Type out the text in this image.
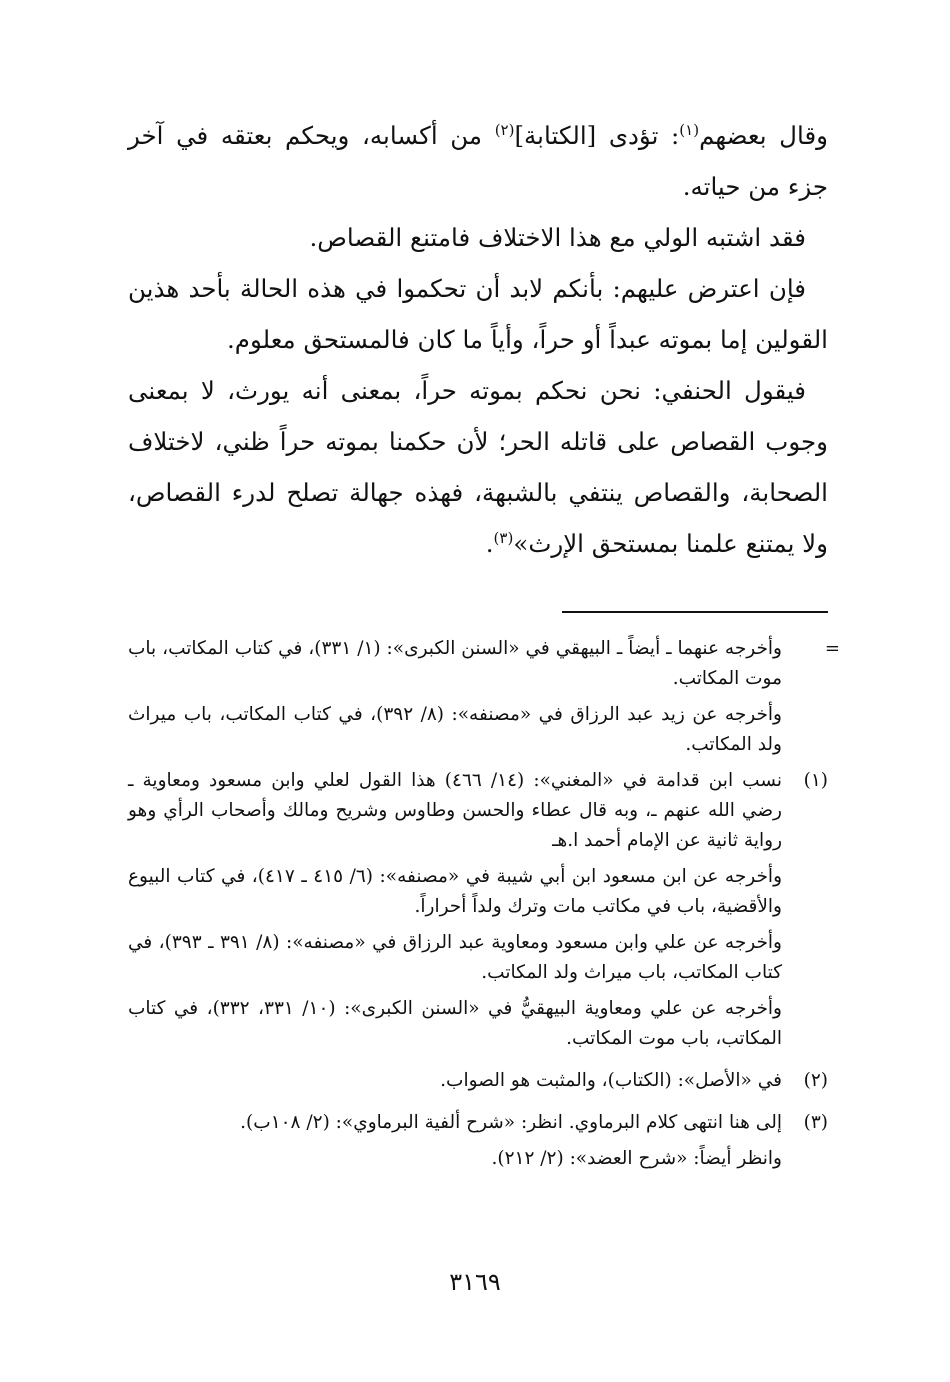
وقال بعضهم$^{(١)}$: تؤدى [الكتابة]$^{(٢)}$ من أكسابه، ويحكم بعتقه في آخر جزء من حياته.

فقد اشتبه الولي مع هذا الاختلاف فامتنع القصاص.

فإن اعترض عليهم: بأنكم لابد أن تحكموا في هذه الحالة بأحد هذين القولين إما بموته عبداً أو حراً، وأياً ما كان فالمستحق معلوم.

فيقول الحنفي: نحن نحكم بموته حراً، بمعنى أنه يورث، لا بمعنى وجوب القصاص على قاتله الحر؛ لأن حكمنا بموته حراً ظني، لاختلاف الصحابة، والقصاص ينتفي بالشبهة، فهذه جهالة تصلح لدرء القصاص، ولا يمتنع علمنا بمستحق الإرث»$^{(٣)}$.

=

وأخرجه عنهما ـ أيضاً ـ البيهقي في «السنن الكبرى»: (١/ ٣٣١)، في كتاب المكاتب، باب موت المكاتب.

وأخرجه عن زيد عبد الرزاق في «مصنفه»: (٨/ ٣٩٢)، في كتاب المكاتب، باب ميراث ولد المكاتب.

(١)

نسب ابن قدامة في «المغني»: (١٤/ ٤٦٦) هذا القول لعلي وابن مسعود ومعاوية ـ رضي الله عنهم ـ، وبه قال عطاء والحسن وطاوس وشريح ومالك وأصحاب الرأي وهو رواية ثانية عن الإمام أحمد ا.هـ

وأخرجه عن ابن مسعود ابن أبي شيبة في «مصنفه»: (٦/ ٤١٥ ـ ٤١٧)، في كتاب البيوع والأقضية، باب في مكاتب مات وترك ولداً أحراراً.

وأخرجه عن علي وابن مسعود ومعاوية عبد الرزاق في «مصنفه»: (٨/ ٣٩١ ـ ٣٩٣)، في كتاب المكاتب، باب ميراث ولد المكاتب.

وأخرجه عن علي ومعاوية البيهقيُّ في «السنن الكبرى»: (١٠/ ٣٣١، ٣٣٢)، في كتاب المكاتب، باب موت المكاتب.

(٢)

في «الأصل»: (الكتاب)، والمثبت هو الصواب.

(٣)

إلى هنا انتهى كلام البرماوي. انظر: «شرح ألفية البرماوي»: (٢/ ١٠٨ب).

وانظر أيضاً: «شرح العضد»: (٢/ ٢١٢).

٣١٦٩
